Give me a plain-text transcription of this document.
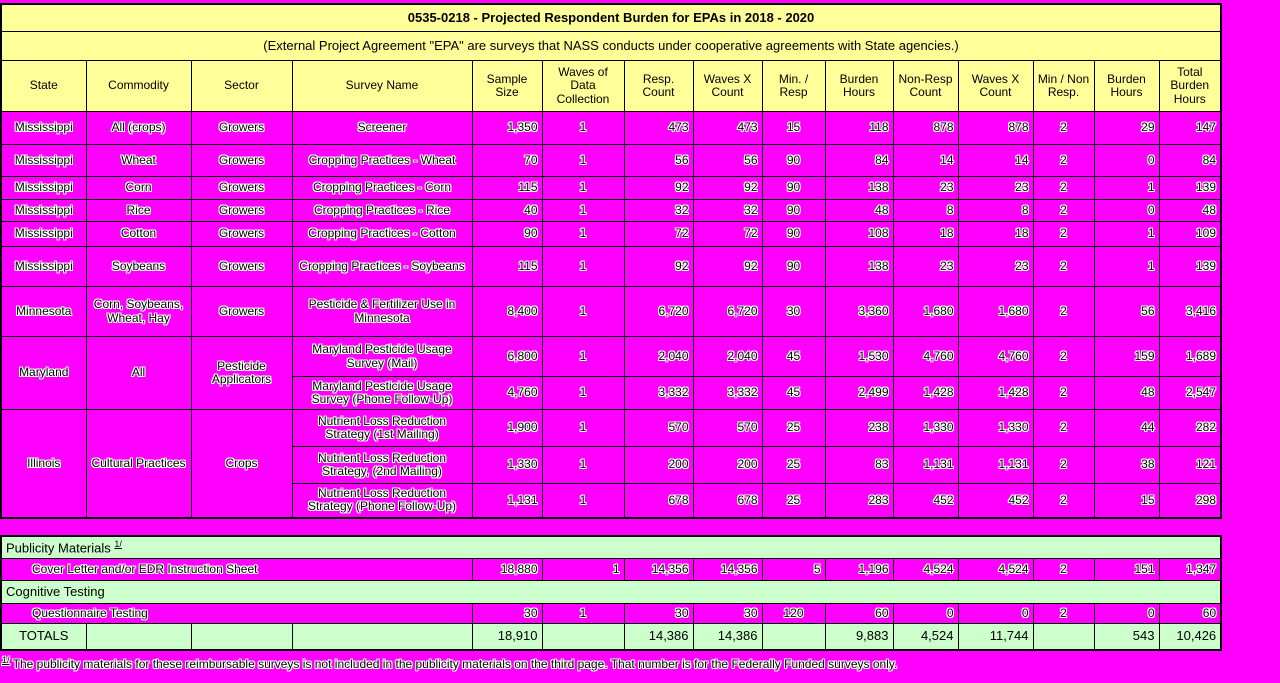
0535-0218 - Projected Respondent Burden for EPAs in 2018 - 2020														
(External Project Agreement "EPA" are surveys that NASS conducts under cooperative agreements with State agencies.)														
State	Commodity	Sector	Survey Name	Sample Size	Waves of Data Collection	Resp. Count	Waves X Count	Min. / Resp	Burden Hours	Non-Resp Count	Waves X Count	Min / Non Resp.	Burden Hours	Total Burden Hours
Mississippi	All (crops)	Growers	Screener	1,350	1	473	473	15	118	878	878	2	29	147
Mississippi	Wheat	Growers	Cropping Practices - Wheat	70	1	56	56	90	84	14	14	2	0	84
Mississippi	Corn	Growers	Cropping Practices - Corn	115	1	92	92	90	138	23	23	2	1	139
Mississippi	Rice	Growers	Cropping Practices - Rice	40	1	32	32	90	48	8	8	2	0	48
Mississippi	Cotton	Growers	Cropping Practices - Cotton	90	1	72	72	90	108	18	18	2	1	109
Mississippi	Soybeans	Growers	Cropping Practices - Soybeans	115	1	92	92	90	138	23	23	2	1	139
Minnesota	Corn, Soybeans, Wheat, Hay	Growers	Pesticide & Fertilizer Use in Minnesota	8,400	1	6,720	6,720	30	3,360	1,680	1,680	2	56	3,416
Maryland	All	Pesticide Applicators	Maryland Pesticide Usage Survey (Mail)	6,800	1	2,040	2,040	45	1,530	4,760	4,760	2	159	1,689
			Maryland Pesticide Usage Survey (Phone Follow-Up)	4,760	1	3,332	3,332	45	2,499	1,428	1,428	2	48	2,547
Illinois	Cultural Practices	Crops	Nutrient Loss Reduction Strategy (1st Mailing)	1,900	1	570	570	25	238	1,330	1,330	2	44	282
			Nutrient Loss Reduction Strategy, (2nd Mailing)	1,330	1	200	200	25	83	1,131	1,131	2	38	121
			Nutrient Loss Reduction Strategy (Phone Follow-Up)	1,131	1	678	678	25	283	452	452	2	15	298
Publicity Materials $^{1/}$
Cover Letter and/or EDR Instruction Sheet				18,880	1	14,356	14,356	5	1,196	4,524	4,524	2	151	1,347
Cognitive Testing														
Questionnaire Testing				30	1	30	30	120	60	0	0	2	0	60
TOTALS				18,910		14,386	14,386		9,883	4,524	11,744		543	10,426
$^{1/}$ The publicity materials for these reimbursable surveys is not included in the publicity materials on the third page. That number is for the Federally Funded surveys only.
